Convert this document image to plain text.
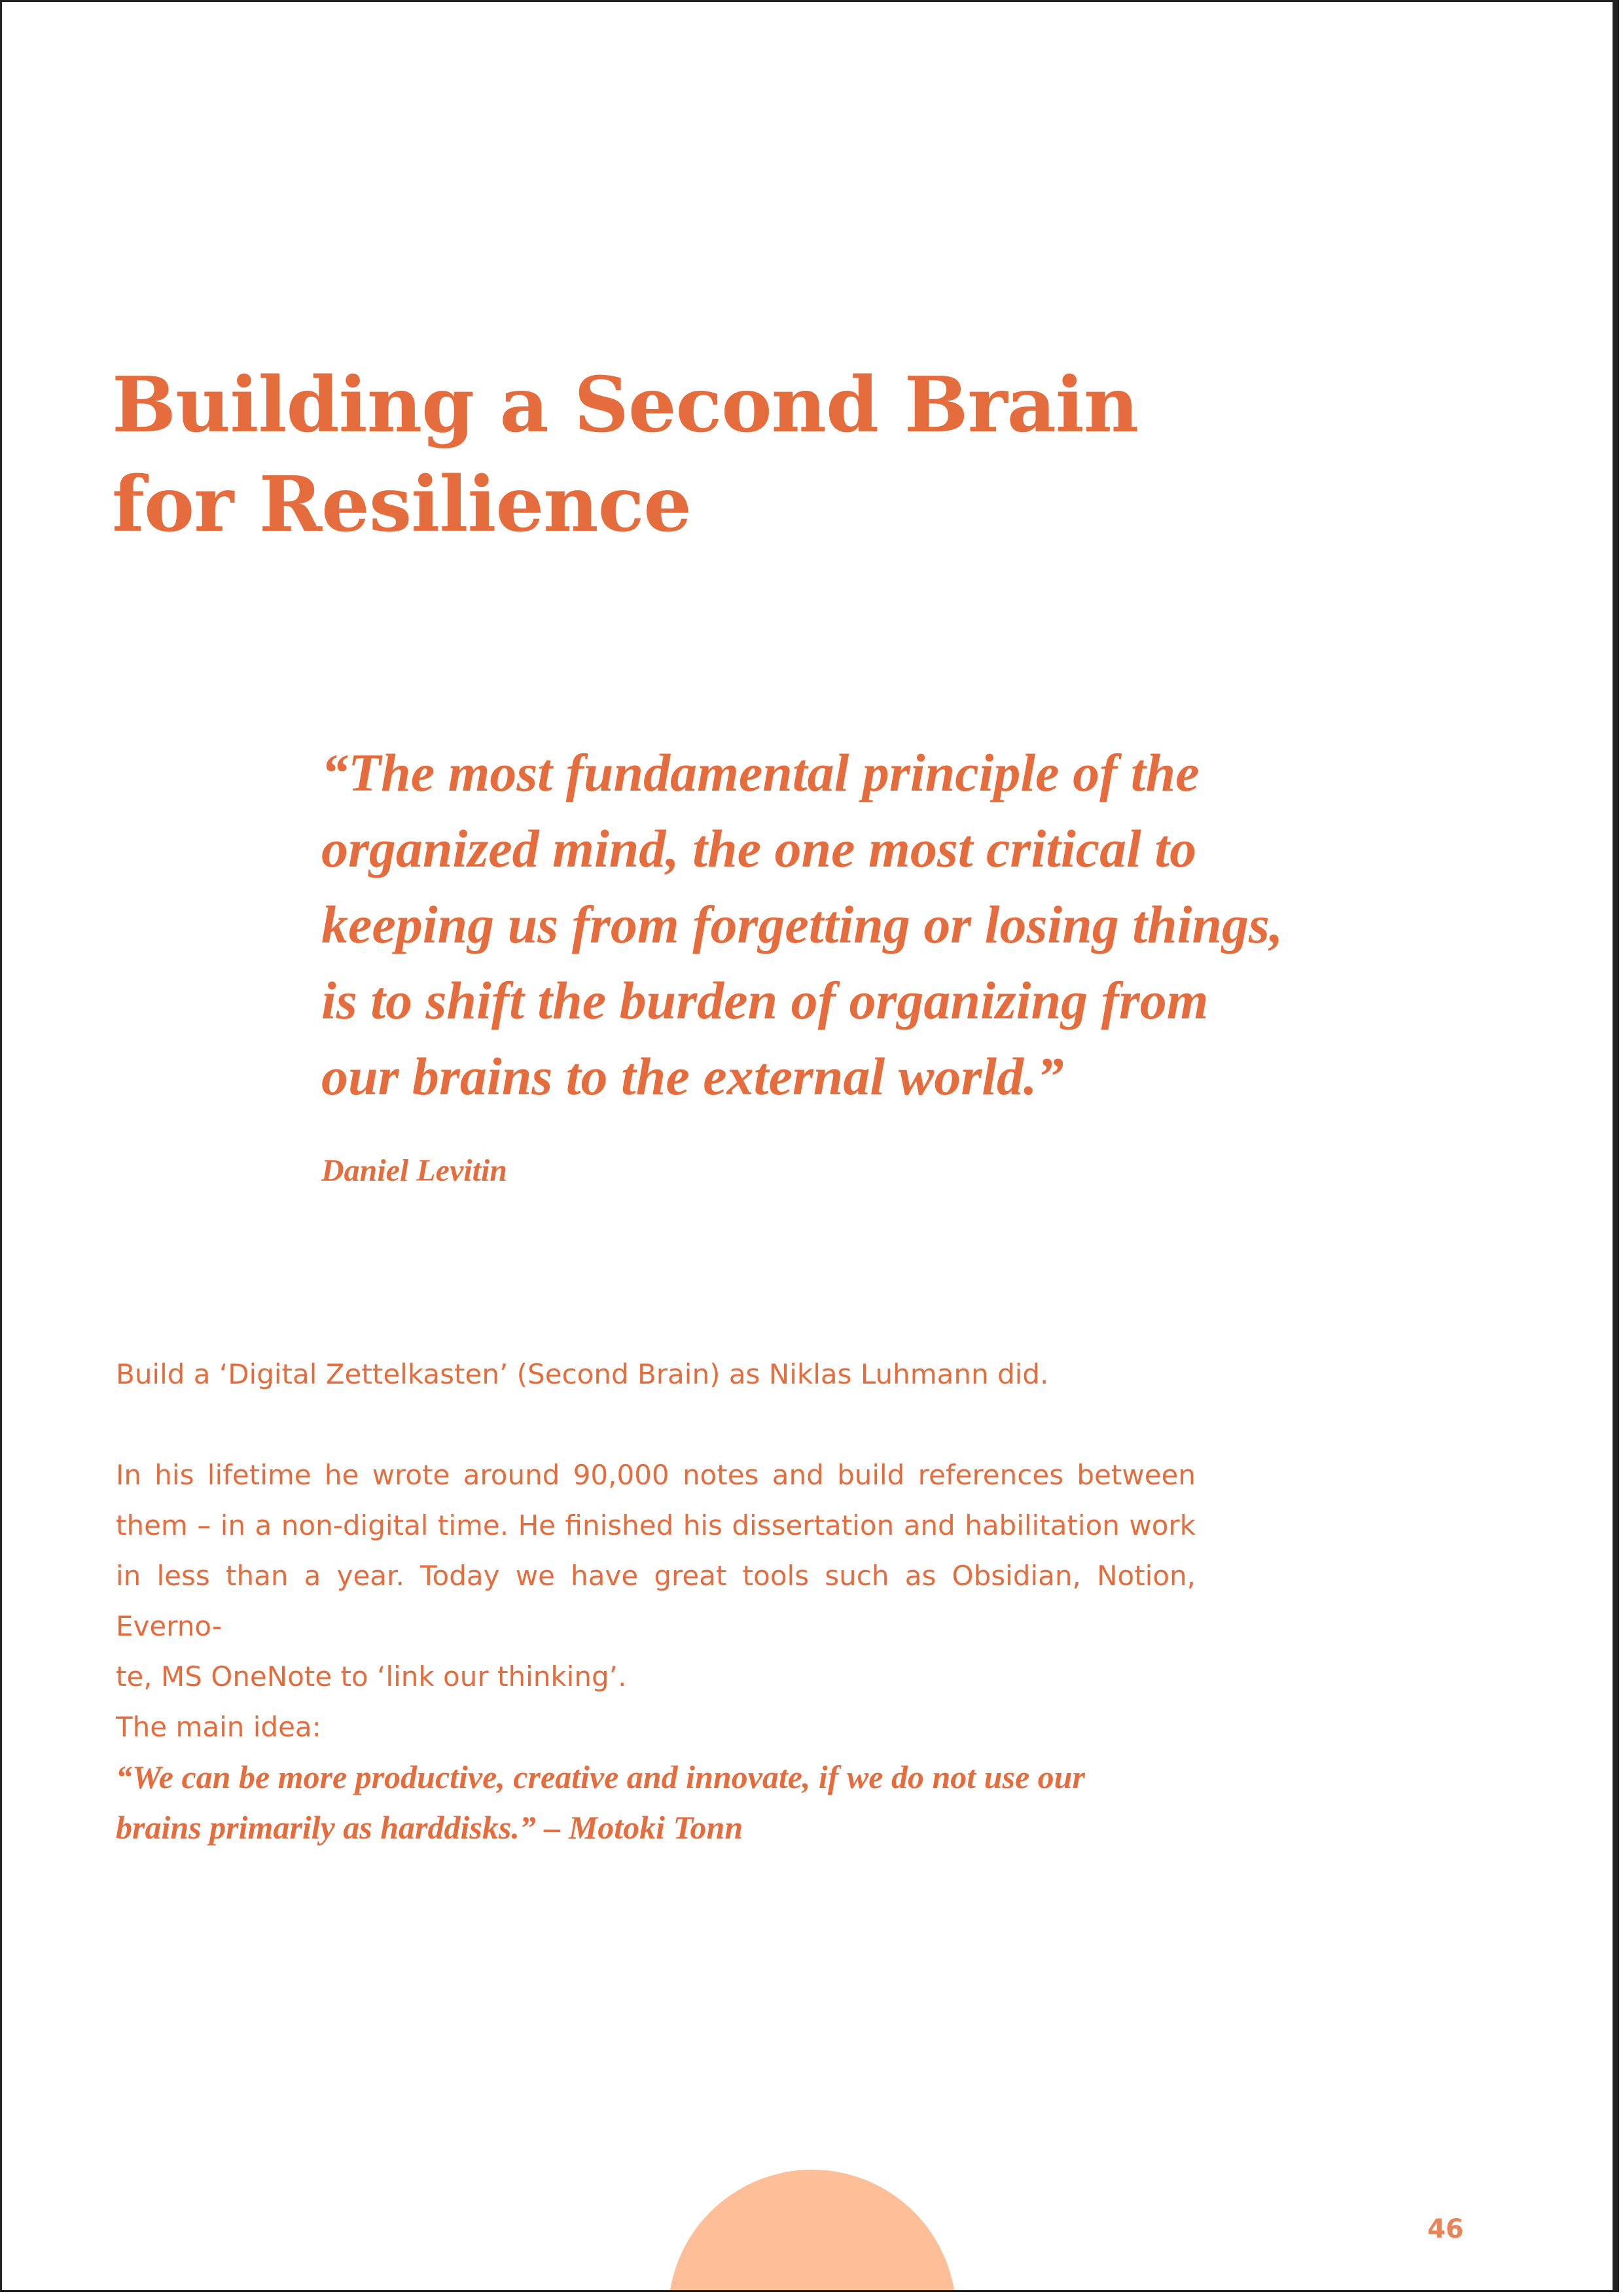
Building a Second Brain
for Resilience
“The most fundamental principle of the
organized mind, the one most critical to
keeping us from forgetting or losing things,
is to shift the burden of organizing from
our brains to the external world.”

Daniel Levitin

Build a ‘Digital Zettelkasten’ (Second Brain) as Niklas Luhmann did.

In his lifetime he wrote around 90,000 notes and build references between
them – in a non-digital time. He finished his dissertation and habilitation work
in less than a year. Today we have great tools such as Obsidian, Notion, Everno-
te, MS OneNote to ‘link our thinking’.

The main idea:

“We can be more productive, creative and innovate, if we do not use our
brains primarily as harddisks.” – Motoki Tonn

46
